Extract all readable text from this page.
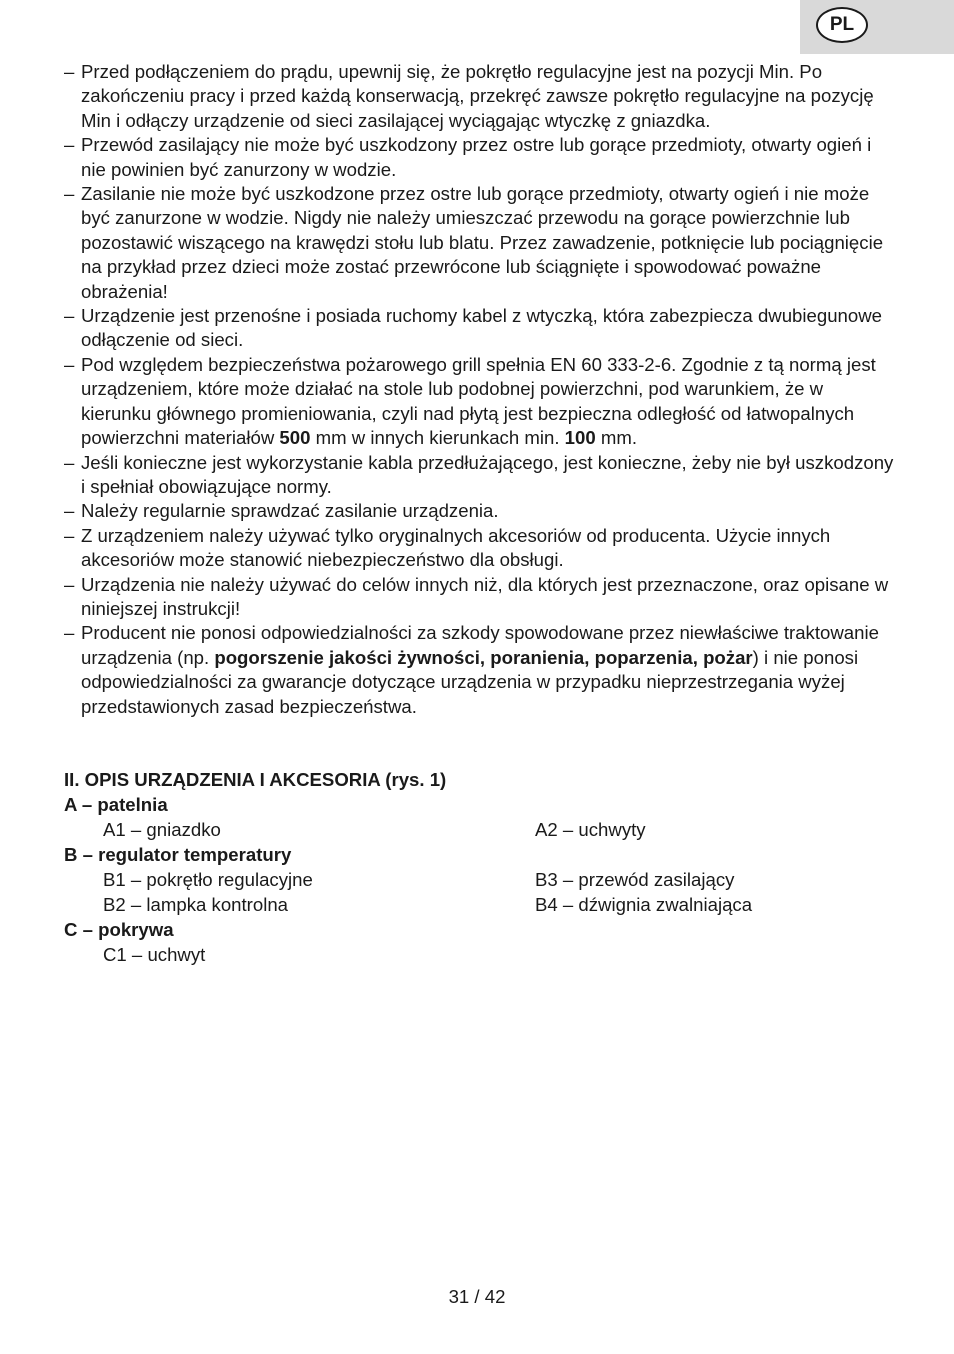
PL
– Przed podłączeniem do prądu, upewnij się, że pokrętło regulacyjne jest na pozycji Min. Po zakończeniu pracy i przed każdą konserwacją, przekręć zawsze pokrętło regulacyjne na pozycję Min i odłączy urządzenie od sieci zasilającej wyciągając wtyczkę z gniazdka.
– Przewód zasilający nie może być uszkodzony przez ostre lub gorące przedmioty, otwarty ogień i nie powinien być zanurzony w wodzie.
– Zasilanie nie może być uszkodzone przez ostre lub gorące przedmioty, otwarty ogień i nie może być zanurzone w wodzie. Nigdy nie należy umieszczać przewodu na gorące powierzchnie lub pozostawić wiszącego na krawędzi stołu lub blatu. Przez zawadzenie, potknięcie lub pociągnięcie na przykład przez dzieci może zostać przewrócone lub ściągnięte i spowodować poważne obrażenia!
– Urządzenie jest przenośne i posiada ruchomy kabel z wtyczką, która zabezpiecza dwubiegunowe odłączenie od sieci.
– Pod względem bezpieczeństwa pożarowego grill spełnia EN 60 333-2-6. Zgodnie z tą normą jest urządzeniem, które może działać na stole lub podobnej powierzchni, pod warunkiem, że w kierunku głównego promieniowania, czyli nad płytą jest bezpieczna odległość od łatwopalnych powierzchni materiałów 500 mm w innych kierunkach min. 100 mm.
– Jeśli konieczne jest wykorzystanie kabla przedłużającego, jest konieczne, żeby nie był uszkodzony i spełniał obowiązujące normy.
– Należy regularnie sprawdzać zasilanie urządzenia.
– Z urządzeniem należy używać tylko oryginalnych akcesoriów od producenta. Użycie innych akcesoriów może stanowić niebezpieczeństwo dla obsługi.
– Urządzenia nie należy używać do celów innych niż, dla których jest przeznaczone, oraz opisane w niniejszej instrukcji!
– Producent nie ponosi odpowiedzialności za szkody spowodowane przez niewłaściwe traktowanie urządzenia (np. pogorszenie jakości żywności, poranienia, poparzenia, pożar) i nie ponosi odpowiedzialności za gwarancje dotyczące urządzenia w przypadku nieprzestrzegania wyżej przedstawionych zasad bezpieczeństwa.
II. OPIS URZĄDZENIA I AKCESORIA (rys. 1)
A – patelnia
A1 – gniazdko	A2 – uchwyty
B – regulator temperatury
B1 – pokrętło regulacyjne	B3 – przewód zasilający
B2 – lampka kontrolna	B4 – dźwignia zwalniająca
C – pokrywa
C1 – uchwyt
31 / 42
